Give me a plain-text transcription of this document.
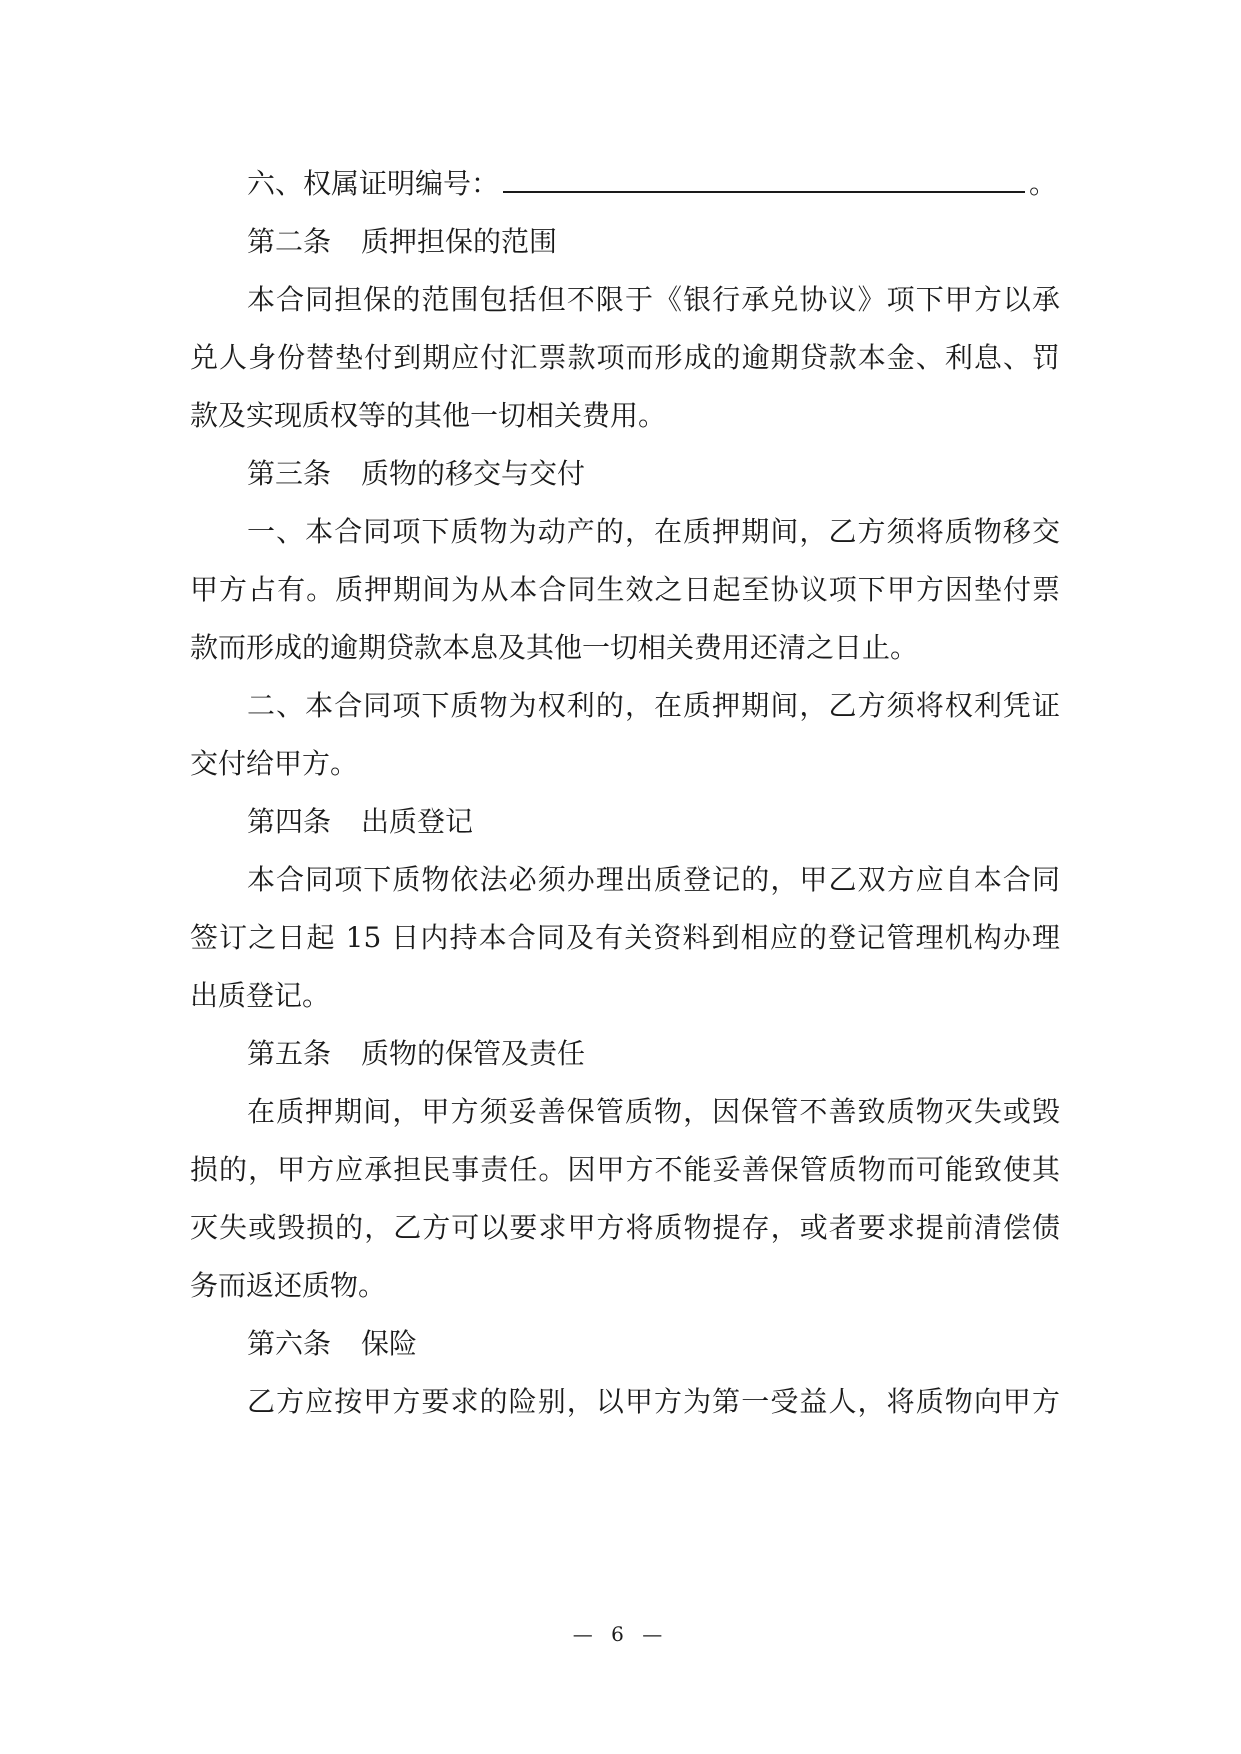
六、权属证明编号：	。

第二条 质押担保的范围

本合同担保的范围包括但不限于《银行承兑协议》项下甲方以承

兑人身份替垫付到期应付汇票款项而形成的逾期贷款本金、利息、罚

款及实现质权等的其他一切相关费用。

第三条 质物的移交与交付

一、本合同项下质物为动产的，在质押期间，乙方须将质物移交

甲方占有。质押期间为从本合同生效之日起至协议项下甲方因垫付票

款而形成的逾期贷款本息及其他一切相关费用还清之日止。

二、本合同项下质物为权利的，在质押期间，乙方须将权利凭证

交付给甲方。

第四条 出质登记

本合同项下质物依法必须办理出质登记的，甲乙双方应自本合同

签订之日起 15 日内持本合同及有关资料到相应的登记管理机构办理

出质登记。

第五条 质物的保管及责任

在质押期间，甲方须妥善保管质物，因保管不善致质物灭失或毁

损的，甲方应承担民事责任。因甲方不能妥善保管质物而可能致使其

灭失或毁损的，乙方可以要求甲方将质物提存，或者要求提前清偿债

务而返还质物。

第六条 保险

乙方应按甲方要求的险别，以甲方为第一受益人，将质物向甲方

— 6 —
